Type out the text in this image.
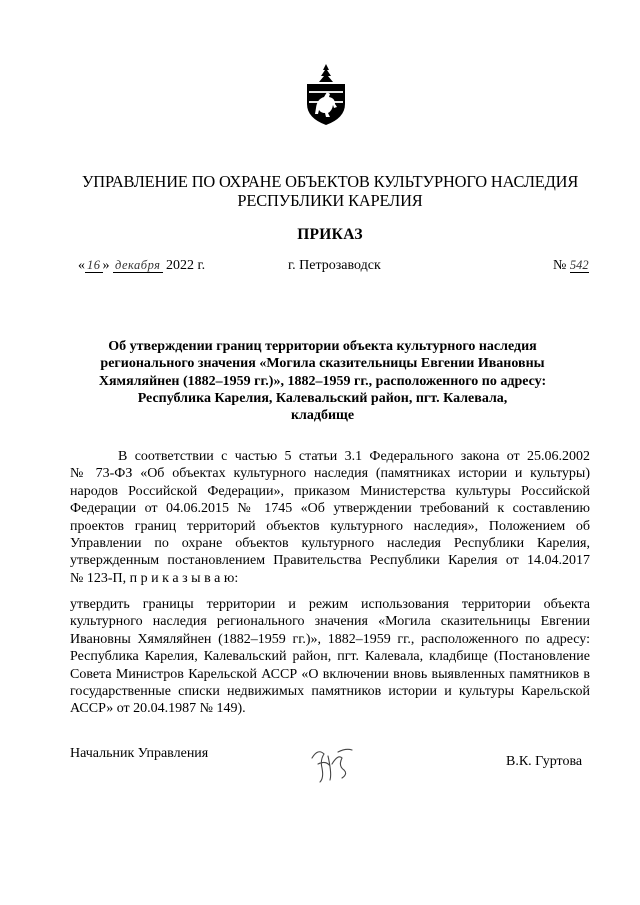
УПРАВЛЕНИЕ ПО ОХРАНЕ ОБЪЕКТОВ КУЛЬТУРНОГО НАСЛЕДИЯ
РЕСПУБЛИКИ КАРЕЛИЯ
ПРИКАЗ
« 16 » декабря 2022 г.	г. Петрозаводск	№ 542
Об утверждении границ территории объекта культурного наследия
регионального значения «Могила сказительницы Евгении Ивановны
Хямяляйнен (1882–1959 гг.)», 1882–1959 гг., расположенного по адресу:
Республика Карелия, Калевальский район, пгт. Калевала,
кладбище
В соответствии с частью 5 статьи 3.1 Федерального закона от 25.06.2002
№ 73-ФЗ «Об объектах культурного наследия (памятниках истории и культуры)
народов Российской Федерации», приказом Министерства культуры Российской
Федерации от 04.06.2015 № 1745 «Об утверждении требований к составлению
проектов границ территорий объектов культурного наследия», Положением об
Управлении по охране объектов культурного наследия Республики Карелия,
утвержденным постановлением Правительства Республики Карелия от 14.04.2017
№ 123-П, п р и к а з ы в а ю:
утвердить границы территории и режим использования территории объекта
культурного наследия регионального значения «Могила сказительницы Евгении
Ивановны Хямяляйнен (1882–1959 гг.)», 1882–1959 гг., расположенного по адресу:
Республика Карелия, Калевальский район, пгт. Калевала, кладбище (Постановление
Совета Министров Карельской АССР «О включении вновь выявленных памятников в
государственные списки недвижимых памятников истории и культуры Карельской
АССР» от 20.04.1987 № 149).
Начальник Управления
В.К. Гуртова
